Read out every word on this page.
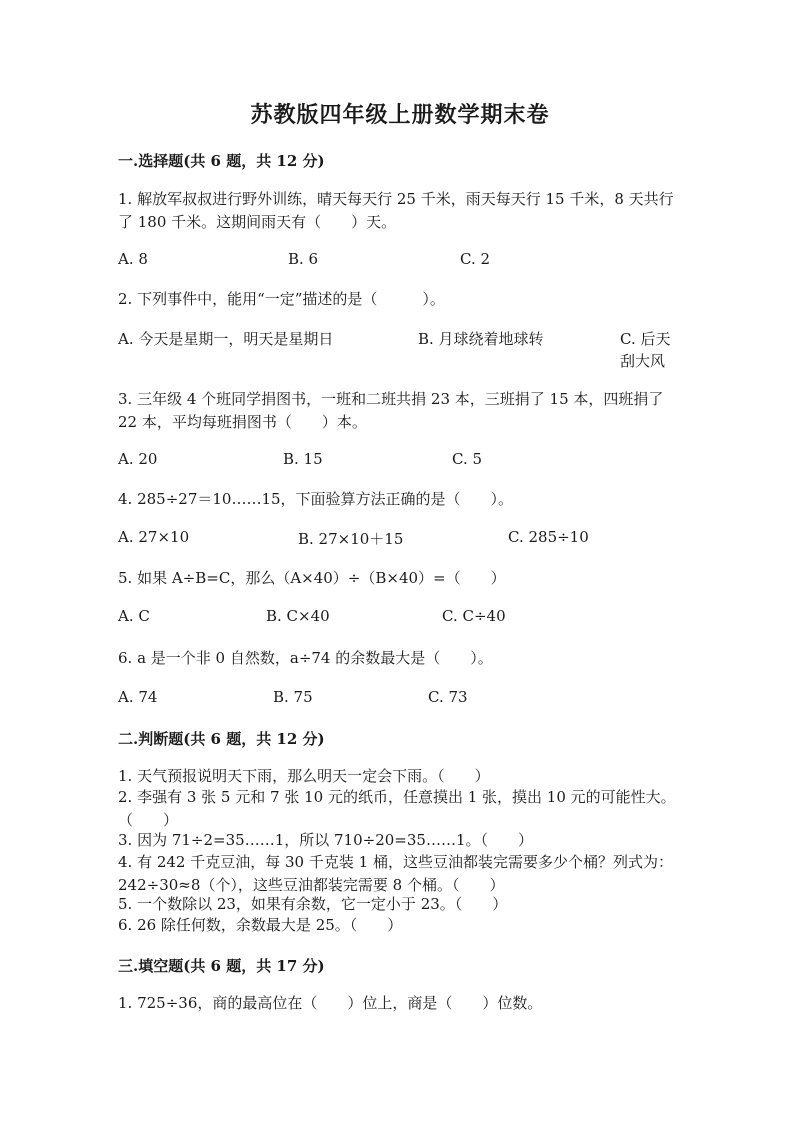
苏教版四年级上册数学期末卷
一.选择题(共 6 题，共 12 分)
1. 解放军叔叔进行野外训练，晴天每天行 25 千米，雨天每天行 15 千米，8 天共行了 180 千米。这期间雨天有（　　）天。
A. 8	B. 6	C. 2
2. 下列事件中，能用“一定”描述的是（　　　）。
A. 今天是星期一，明天是星期日	B. 月球绕着地球转	C. 后天刮大风
3. 三年级 4 个班同学捐图书，一班和二班共捐 23 本，三班捐了 15 本，四班捐了 22 本，平均每班捐图书（　　）本。
A. 20	B. 15	C. 5
4. 285÷27＝10……15，下面验算方法正确的是（　　）。
A. 27×10	B. 27×10＋15	C. 285÷10
5. 如果 A÷B=C，那么（A×40）÷（B×40）=（　　）
A. C	B. C×40	C. C÷40
6. a 是一个非 0 自然数，a÷74 的余数最大是（　　）。
A. 74	B. 75	C. 73
二.判断题(共 6 题，共 12 分)
1. 天气预报说明天下雨，那么明天一定会下雨。（　　）
2. 李强有 3 张 5 元和 7 张 10 元的纸币，任意摸出 1 张，摸出 10 元的可能性大。　　（　　）
3. 因为 71÷2=35……1，所以 710÷20=35……1。（　　）
4. 有 242 千克豆油，每 30 千克装 1 桶，这些豆油都装完需要多少个桶？列式为：242÷30≈8（个），这些豆油都装完需要 8 个桶。（　　）
5. 一个数除以 23，如果有余数，它一定小于 23。（　　）
6. 26 除任何数，余数最大是 25。（　　）
三.填空题(共 6 题，共 17 分)
1. 725÷36，商的最高位在（　　）位上，商是（　　）位数。
